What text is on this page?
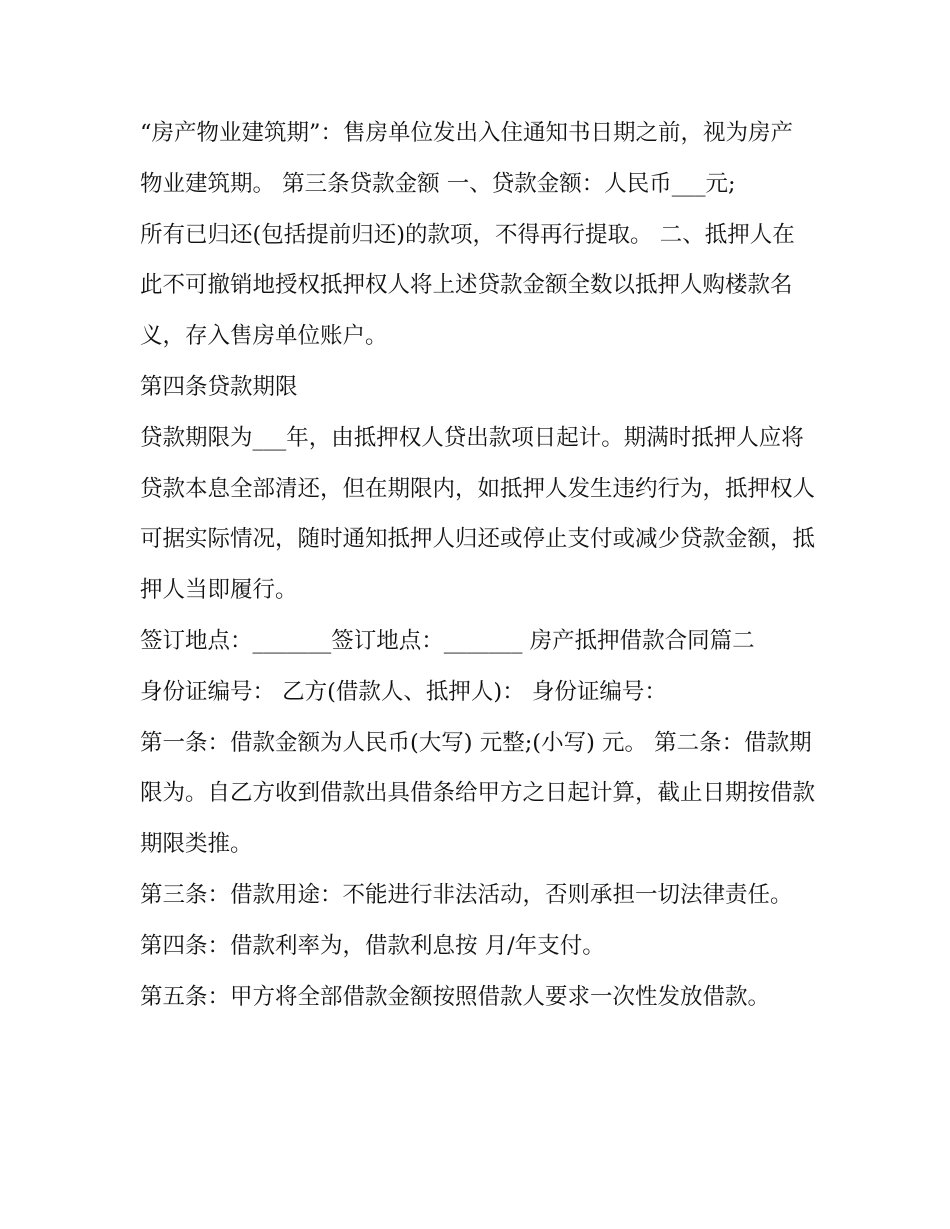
“房产物业建筑期”：售房单位发出入住通知书日期之前，视为房产物业建筑期。 第三条贷款金额 一、贷款金额：人民币___元;

所有已归还(包括提前归还)的款项，不得再行提取。 二、抵押人在此不可撤销地授权抵押权人将上述贷款金额全数以抵押人购楼款名义，存入售房单位账户。

第四条贷款期限

贷款期限为___年，由抵押权人贷出款项日起计。期满时抵押人应将贷款本息全部清还，但在期限内，如抵押人发生违约行为，抵押权人可据实际情况，随时通知抵押人归还或停止支付或减少贷款金额，抵押人当即履行。

签订地点：_______签订地点：_______ 房产抵押借款合同篇二

身份证编号： 乙方(借款人、抵押人)： 身份证编号：

第一条：借款金额为人民币(大写) 元整;(小写) 元。 第二条：借款期限为。自乙方收到借款出具借条给甲方之日起计算，截止日期按借款期限类推。

第三条：借款用途：不能进行非法活动，否则承担一切法律责任。 第四条：借款利率为，借款利息按 月/年支付。

第五条：甲方将全部借款金额按照借款人要求一次性发放借款。
